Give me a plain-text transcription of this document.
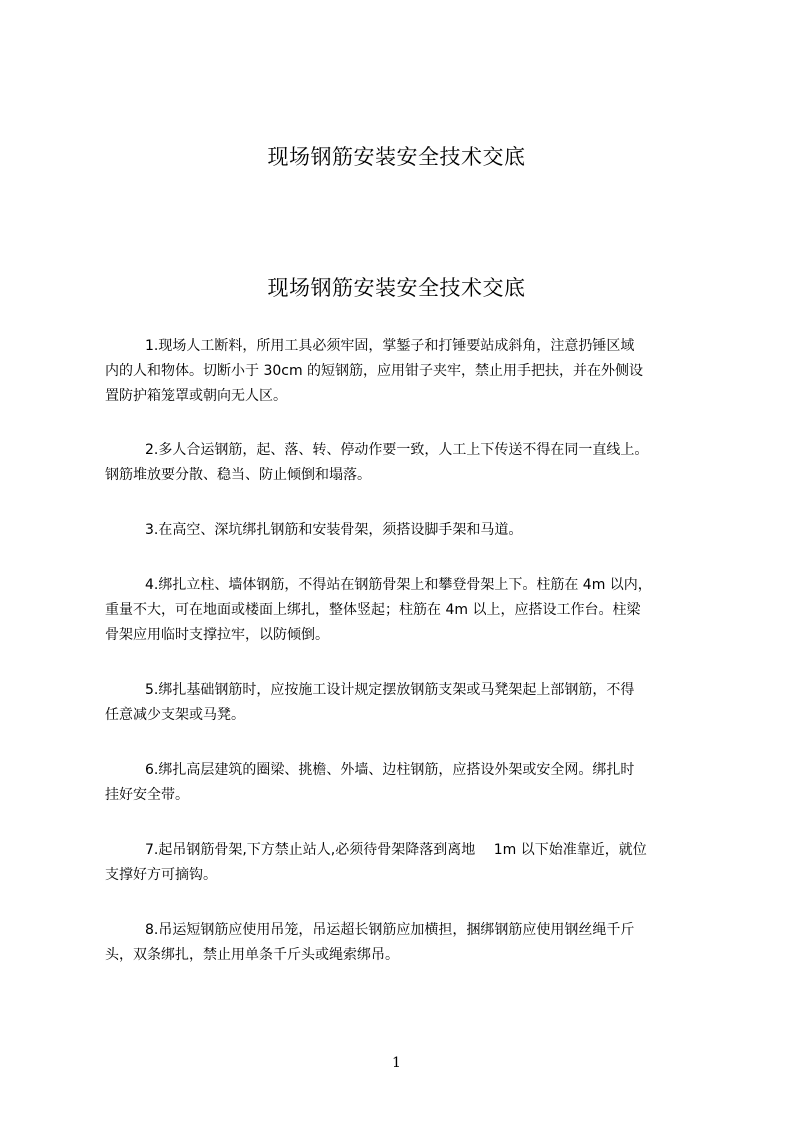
现场钢筋安装安全技术交底
现场钢筋安装安全技术交底
1.现场人工断料，所用工具必须牢固，掌錾子和打锤要站成斜角，注意扔锤区域
内的人和物体。切断小于 30cm 的短钢筋，应用钳子夹牢，禁止用手把扶，并在外侧设
置防护箱笼罩或朝向无人区。
2.多人合运钢筋，起、落、转、停动作要一致，人工上下传送不得在同一直线上。
钢筋堆放要分散、稳当、防止倾倒和塌落。
3.在高空、深坑绑扎钢筋和安装骨架，须搭设脚手架和马道。
4.绑扎立柱、墙体钢筋，不得站在钢筋骨架上和攀登骨架上下。柱筋在 4m 以内，
重量不大，可在地面或楼面上绑扎，整体竖起；柱筋在 4m 以上，应搭设工作台。柱梁
骨架应用临时支撑拉牢，以防倾倒。
5.绑扎基础钢筋时，应按施工设计规定摆放钢筋支架或马凳架起上部钢筋，不得
任意减少支架或马凳。
6.绑扎高层建筑的圈梁、挑檐、外墙、边柱钢筋，应搭设外架或安全网。绑扎时
挂好安全带。
7.起吊钢筋骨架,下方禁止站人,必须待骨架降落到离地　 1m 以下始准靠近，就位
支撑好方可摘钩。
8.吊运短钢筋应使用吊笼，吊运超长钢筋应加横担，捆绑钢筋应使用钢丝绳千斤
头，双条绑扎，禁止用单条千斤头或绳索绑吊。
1
